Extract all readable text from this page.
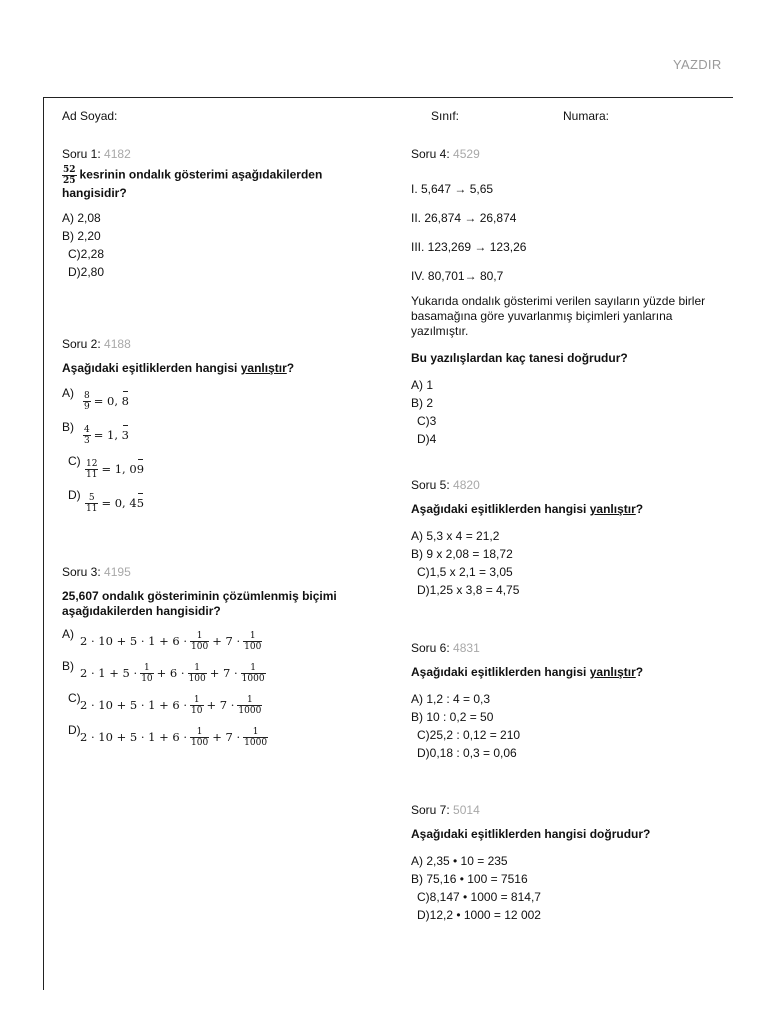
YAZDIR
Ad Soyad:	Sınıf:	Numara:
Soru 1: 4182
$\frac{52}{25}$ kesrinin ondalık gösterimi aşağıdakilerden hangisidir?
A) 2,08
B) 2,20
C)2,28
D)2,80
Soru 2: 4188
Aşağıdaki eşitliklerden hangisi yanlıştır?
A)	$\frac{8}{9} = 0$, 8
B)	$\frac{4}{3} = 1$, 3
$C) \frac{12}{11} = 1$, 09
$D) \frac{5}{11} = 0$, 45
Soru 3: 4195
25,607 ondalık gösteriminin çözümlenmiş biçimi aşağıdakilerden hangisidir?
A) $2 \cdot 10 + 5 \cdot 1 + 6 \cdot \frac{1}{100} + 7 \cdot \frac{1}{100}$
B) $2 \cdot 1 + 5 \cdot \frac{1}{10} + 6 \cdot \frac{1}{100} + 7 \cdot \frac{1}{1000}$
C) $2 \cdot 10 + 5 \cdot 1 + 6 \cdot \frac{1}{10} + 7 \cdot \frac{1}{1000}$
D) $2 \cdot 10 + 5 \cdot 1 + 6 \cdot \frac{1}{100} + 7 \cdot \frac{1}{1000}$
Soru 4: 4529
I. 5,647 → 5,65
II. 26,874 → 26,874
III. 123,269 → 123,26
IV. 80,701→ 80,7
Yukarıda ondalık gösterimi verilen sayıların yüzde birler basamağına göre yuvarlanmış biçimleri yanlarına yazılmıştır.
Bu yazılışlardan kaç tanesi doğrudur?
A) 1
B) 2
C)3
D)4
Soru 5: 4820
Aşağıdaki eşitliklerden hangisi yanlıştır?
A) 5,3 x 4 = 21,2
B) 9 x 2,08 = 18,72
C)1,5 x 2,1 = 3,05
D)1,25 x 3,8 = 4,75
Soru 6: 4831
Aşağıdaki eşitliklerden hangisi yanlıştır?
A) 1,2 : 4 = 0,3
B) 10 : 0,2 = 50
C)25,2 : 0,12 = 210
D)0,18 : 0,3 = 0,06
Soru 7: 5014
Aşağıdaki eşitliklerden hangisi doğrudur?
A) 2,35 • 10 = 235
B) 75,16 • 100 = 7516
C)8,147 • 1000 = 814,7
D)12,2 • 1000 = 12 002
